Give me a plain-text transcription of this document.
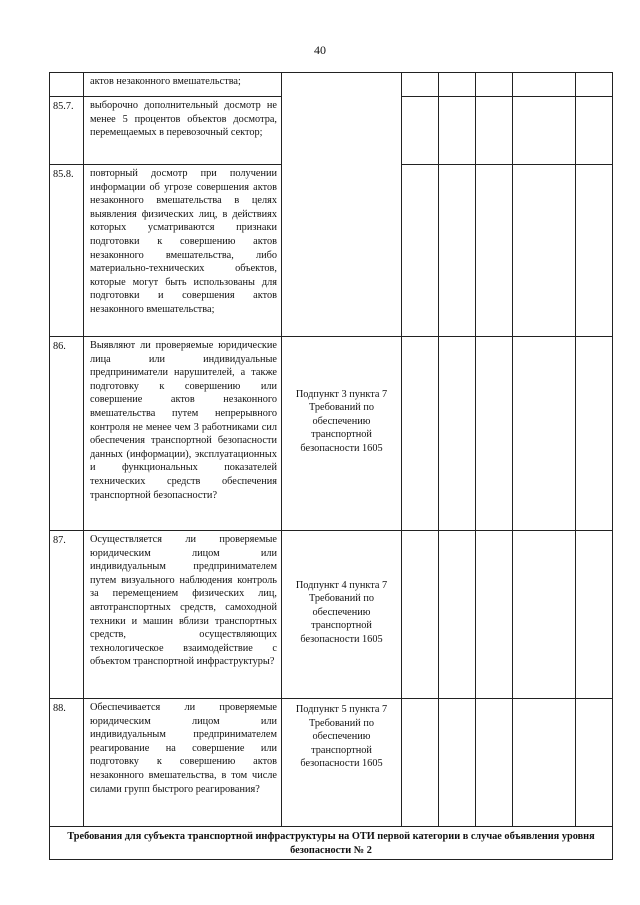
40
	актов незаконного вмешательства;						
85.7.	выборочно дополнительный досмотр не менее 5 процентов объектов досмотра, перемещаемых в перевозочный сектор;						
85.8.	повторный досмотр при получении информации об угрозе совершения актов незаконного вмешательства в целях выявления физических лиц, в действиях которых усматриваются признаки подготовки к совершению актов незаконного вмешательства, либо материально-технических объектов, которые могут быть использованы для подготовки и совершения актов незаконного вмешательства;						
86.	Выявляют ли проверяемые юридические лица или индивидуальные предприниматели нарушителей, а также подготовку к совершению или совершение актов незаконного вмешательства путем непрерывного контроля не менее чем 3 работниками сил обеспечения транспортной безопасности данных (информации), эксплуатационных и функциональных показателей технических средств обеспечения транспортной безопасности?	Подпункт 3 пункта 7 Требований по обеспечению транспортной безопасности 1605					

87.	Осуществляется ли проверяемые юридическим лицом или индивидуальным предпринимателем путем визуального наблюдения контроль за перемещением физических лиц, автотранспортных средств, самоходной техники и машин вблизи транспортных средств, осуществляющих технологическое взаимодействие с объектом транспортной инфраструктуры?	Подпункт 4 пункта 7 Требований по обеспечению транспортной безопасности 1605					

88.	Обеспечивается ли проверяемые юридическим лицом или индивидуальным предпринимателем реагирование на совершение или подготовку к совершению актов незаконного вмешательства, в том числе силами групп быстрого реагирования?	Подпункт 5 пункта 7 Требований по обеспечению транспортной безопасности 1605					
Требования для субъекта транспортной инфраструктуры на ОТИ первой категории в случае объявления уровня безопасности № 2							
